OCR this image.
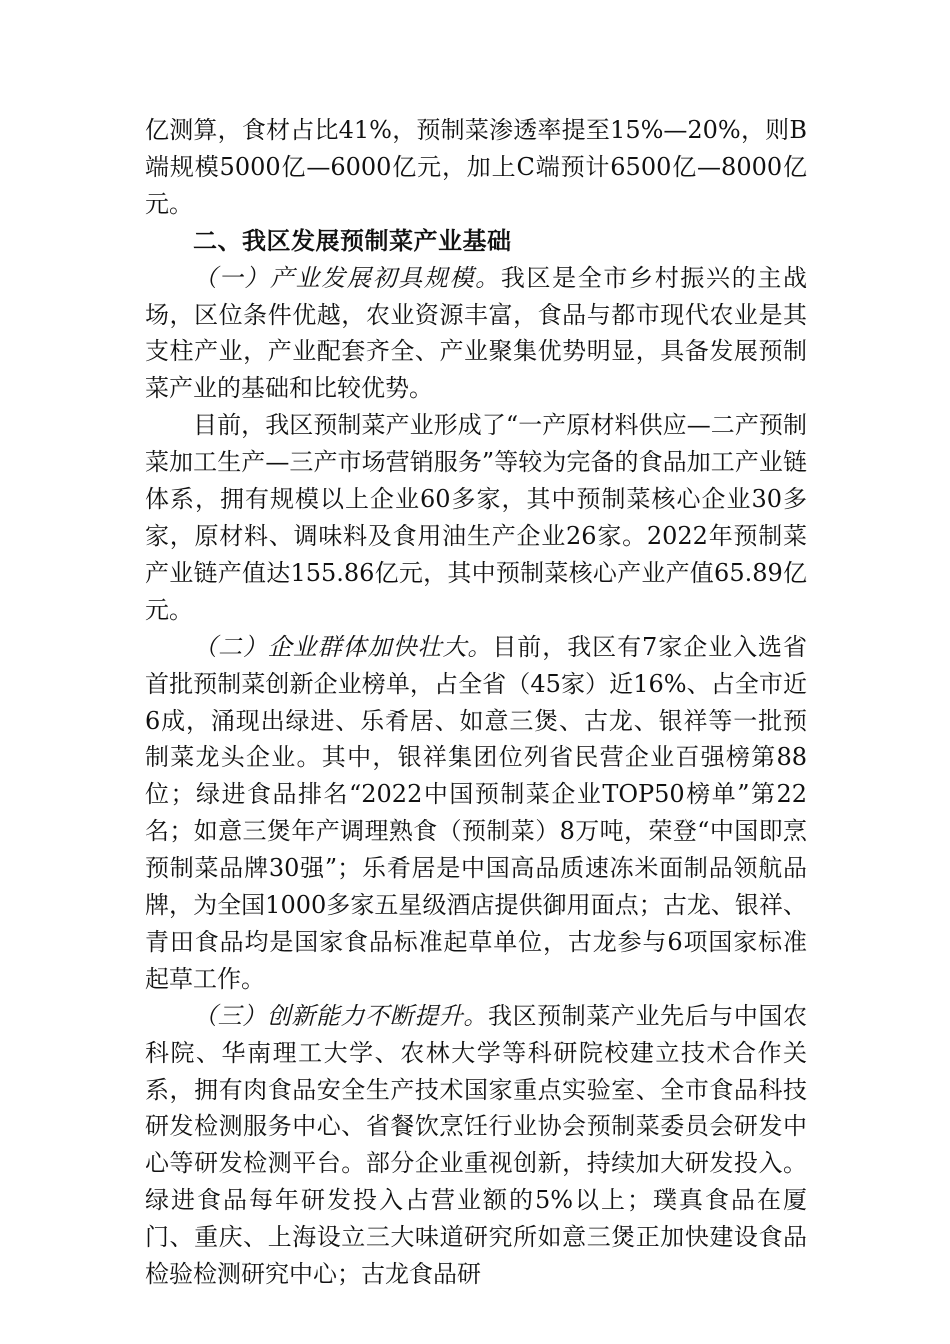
亿测算，食材占比41%，预制菜渗透率提至15%—20%，则B端规模5000亿—6000亿元，加上C端预计6500亿—8000亿元。

二、我区发展预制菜产业基础

（一）产业发展初具规模。我区是全市乡村振兴的主战场，区位条件优越，农业资源丰富，食品与都市现代农业是其支柱产业，产业配套齐全、产业聚集优势明显，具备发展预制菜产业的基础和比较优势。

目前，我区预制菜产业形成了“一产原材料供应—二产预制菜加工生产—三产市场营销服务”等较为完备的食品加工产业链体系，拥有规模以上企业60多家，其中预制菜核心企业30多家，原材料、调味料及食用油生产企业26家。2022年预制菜产业链产值达155.86亿元，其中预制菜核心产业产值65.89亿元。

（二）企业群体加快壮大。目前，我区有7家企业入选省首批预制菜创新企业榜单，占全省（45家）近16%、占全市近6成，涌现出绿进、乐肴居、如意三煲、古龙、银祥等一批预制菜龙头企业。其中，银祥集团位列省民营企业百强榜第88位；绿进食品排名“2022中国预制菜企业TOP50榜单”第22名；如意三煲年产调理熟食（预制菜）8万吨，荣登“中国即烹预制菜品牌30强”；乐肴居是中国高品质速冻米面制品领航品牌，为全国1000多家五星级酒店提供御用面点；古龙、银祥、青田食品均是国家食品标准起草单位，古龙参与6项国家标准起草工作。

（三）创新能力不断提升。我区预制菜产业先后与中国农科院、华南理工大学、农林大学等科研院校建立技术合作关系，拥有肉食品安全生产技术国家重点实验室、全市食品科技研发检测服务中心、省餐饮烹饪行业协会预制菜委员会研发中心等研发检测平台。部分企业重视创新，持续加大研发投入。绿进食品每年研发投入占营业额的5%以上；璞真食品在厦门、重庆、上海设立三大味道研究所如意三煲正加快建设食品检验检测研究中心；古龙食品研
